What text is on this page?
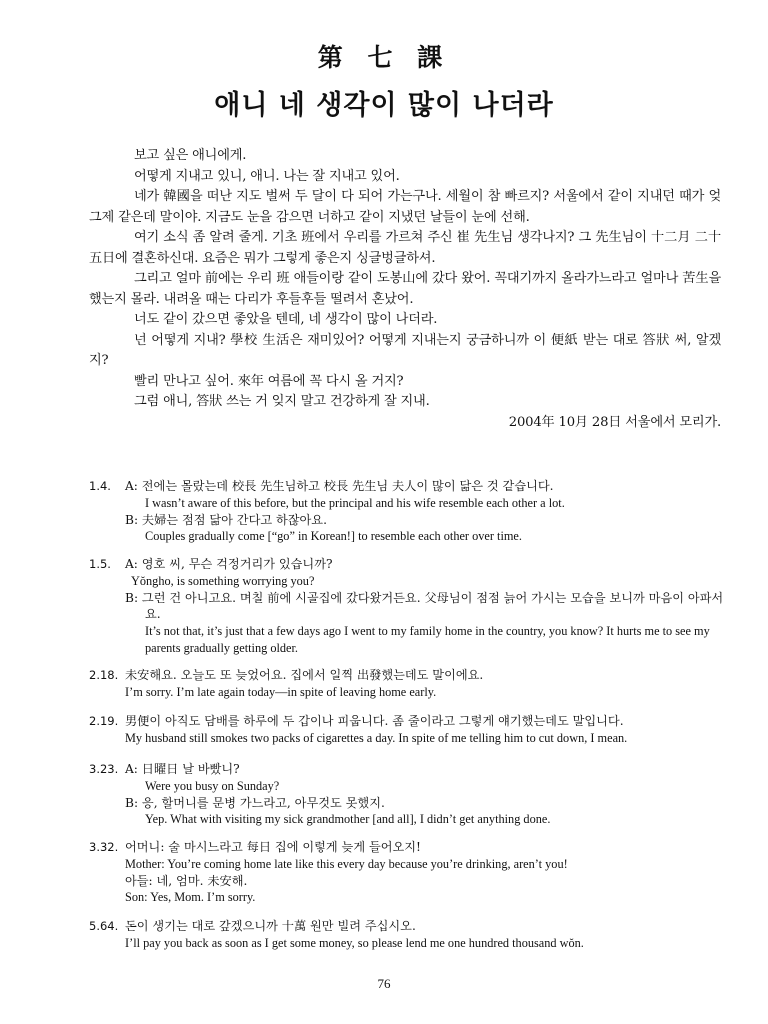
第 七 課
애니 네 생각이 많이 나더라

보고 싶은 애니에게.

어떻게 지내고 있니, 애니. 나는 잘 지내고 있어.

네가 韓國을 떠난 지도 벌써 두 달이 다 되어 가는구나. 세월이 참 빠르지? 서울에서 같이 지내던 때가 엊그제 같은데 말이야. 지금도 눈을 감으면 너하고 같이 지냈던 날들이 눈에 선해.

여기 소식 좀 알려 줄게. 기초 班에서 우리를 가르쳐 주신 崔 先生님 생각나지? 그 先生님이 十二月 二十五日에 결혼하신대. 요즘은 뭐가 그렇게 좋은지 싱글벙글하셔.

그리고 얼마 前에는 우리 班 애들이랑 같이 도봉山에 갔다 왔어. 꼭대기까지 올라가느라고 얼마나 苦生을 했는지 몰라. 내려올 때는 다리가 후들후들 떨려서 혼났어.

너도 같이 갔으면 좋았을 텐데, 네 생각이 많이 나더라.

넌 어떻게 지내? 學校 生活은 재미있어? 어떻게 지내는지 궁금하니까 이 便紙 받는 대로 答狀 써, 알겠지?

빨리 만나고 싶어. 來年 여름에 꼭 다시 올 거지?

그럼 애니, 答狀 쓰는 거 잊지 말고 건강하게 잘 지내.

2004年 10月 28日 서울에서 모리가.

1.4. A: 전에는 몰랐는데 校長 先生님하고 校長 先生님 夫人이 많이 닮은 것 같습니다.
I wasn’t aware of this before, but the principal and his wife resemble each other a lot.
B: 夫婦는 점점 닮아 간다고 하잖아요.
Couples gradually come [“go” in Korean!] to resemble each other over time.
1.5. A: 영호 씨, 무슨 걱정거리가 있습니까?
Yŏngho, is something worrying you?
B: 그런 건 아니고요. 며칠 前에 시골집에 갔다왔거든요. 父母님이 점점 늙어 가시는 모습을 보니까 마음이 아파서요.
It’s not that, it’s just that a few days ago I went to my family home in the country, you know? It hurts me to see my parents gradually getting older.
2.18. 未安해요. 오늘도 또 늦었어요. 집에서 일찍 出發했는데도 말이에요.
I’m sorry. I’m late again today—in spite of leaving home early.
2.19. 男便이 아직도 담배를 하루에 두 갑이나 피웁니다. 좀 줄이라고 그렇게 얘기했는데도 말입니다.
My husband still smokes two packs of cigarettes a day. In spite of me telling him to cut down, I mean.
3.23. A: 日曜日 날 바빴니?
Were you busy on Sunday?
B: 응, 할머니를 문병 가느라고, 아무것도 못했지.
Yep. What with visiting my sick grandmother [and all], I didn’t get anything done.
3.32. 어머니: 술 마시느라고 每日 집에 이렇게 늦게 들어오지!
Mother: You’re coming home late like this every day because you’re drinking, aren’t you!
아들: 네, 엄마. 未安해.
Son: Yes, Mom. I’m sorry.
5.64. 돈이 생기는 대로 갚겠으니까 十萬 원만 빌려 주십시오.
I’ll pay you back as soon as I get some money, so please lend me one hundred thousand wŏn.
76
